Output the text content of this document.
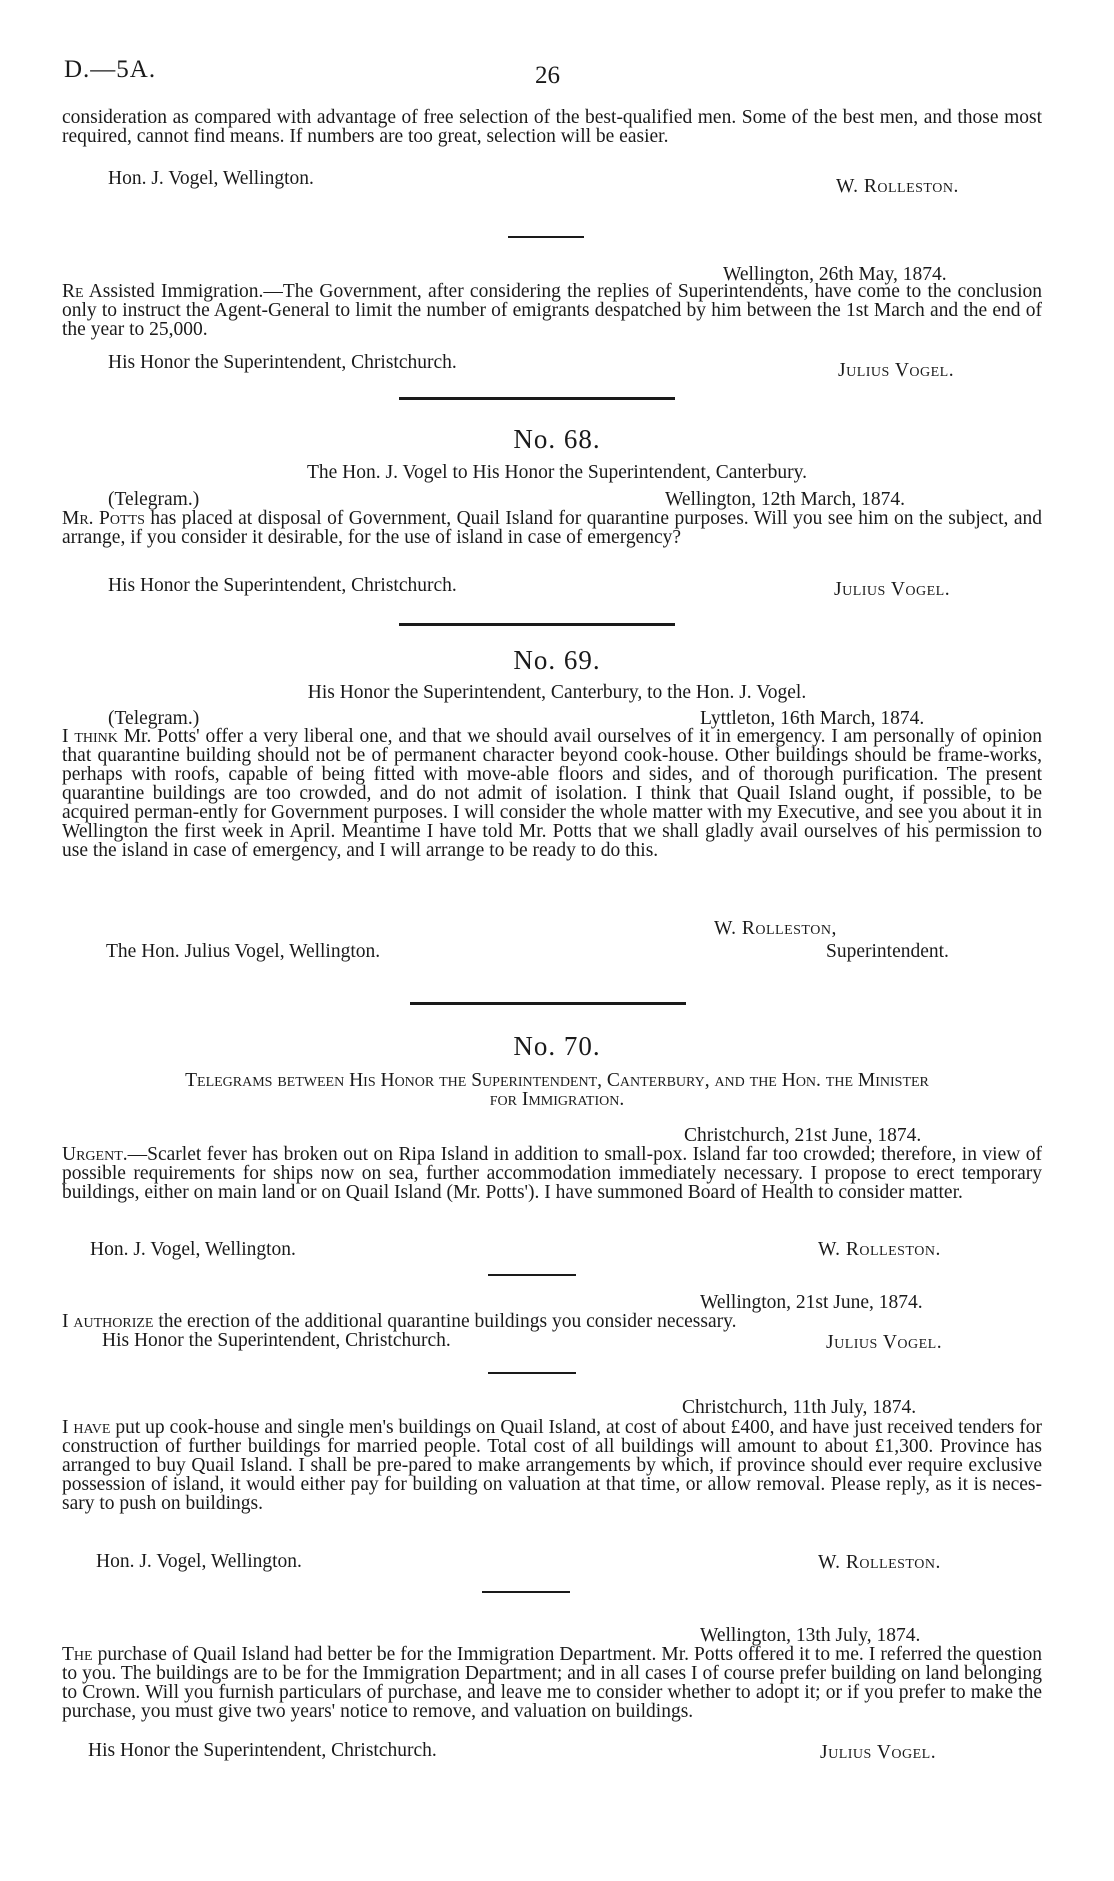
D.—5A.	26
consideration as compared with advantage of free selection of the best-qualified men. Some of the best men, and those most required, cannot find means. If numbers are too great, selection will be easier.
Hon. J. Vogel, Wellington.	W. Rolleston.
Wellington, 26th May, 1874.
Re Assisted Immigration.—The Government, after considering the replies of Superintendents, have come to the conclusion only to instruct the Agent-General to limit the number of emigrants despatched by him between the 1st March and the end of the year to 25,000.
His Honor the Superintendent, Christchurch.	Julius Vogel.
No. 68.
The Hon. J. Vogel to His Honor the Superintendent, Canterbury.
(Telegram.)	Wellington, 12th March, 1874.
Mr. Potts has placed at disposal of Government, Quail Island for quarantine purposes. Will you see him on the subject, and arrange, if you consider it desirable, for the use of island in case of emergency?
His Honor the Superintendent, Christchurch.	Julius Vogel.
No. 69.
His Honor the Superintendent, Canterbury, to the Hon. J. Vogel.
(Telegram.)	Lyttleton, 16th March, 1874.
I think Mr. Potts' offer a very liberal one, and that we should avail ourselves of it in emergency. I am personally of opinion that quarantine building should not be of permanent character beyond cook-house. Other buildings should be frame-works, perhaps with roofs, capable of being fitted with move-able floors and sides, and of thorough purification. The present quarantine buildings are too crowded, and do not admit of isolation. I think that Quail Island ought, if possible, to be acquired perman-ently for Government purposes. I will consider the whole matter with my Executive, and see you about it in Wellington the first week in April. Meantime I have told Mr. Potts that we shall gladly avail ourselves of his permission to use the island in case of emergency, and I will arrange to be ready to do this.
W. Rolleston,
The Hon. Julius Vogel, Wellington.	Superintendent.
No. 70.
Telegrams between His Honor the Superintendent, Canterbury, and the Hon. the Minister
for Immigration.
Christchurch, 21st June, 1874.
Urgent.—Scarlet fever has broken out on Ripa Island in addition to small-pox. Island far too crowded; therefore, in view of possible requirements for ships now on sea, further accommodation immediately necessary. I propose to erect temporary buildings, either on main land or on Quail Island (Mr. Potts'). I have summoned Board of Health to consider matter.
Hon. J. Vogel, Wellington.	W. Rolleston.
Wellington, 21st June, 1874.
I authorize the erection of the additional quarantine buildings you consider necessary.
His Honor the Superintendent, Christchurch.	Julius Vogel.
Christchurch, 11th July, 1874.
I have put up cook-house and single men's buildings on Quail Island, at cost of about £400, and have just received tenders for construction of further buildings for married people. Total cost of all buildings will amount to about £1,300. Province has arranged to buy Quail Island. I shall be pre-pared to make arrangements by which, if province should ever require exclusive possession of island, it would either pay for building on valuation at that time, or allow removal. Please reply, as it is neces-sary to push on buildings.
Hon. J. Vogel, Wellington.	W. Rolleston.
Wellington, 13th July, 1874.
The purchase of Quail Island had better be for the Immigration Department. Mr. Potts offered it to me. I referred the question to you. The buildings are to be for the Immigration Department; and in all cases I of course prefer building on land belonging to Crown. Will you furnish particulars of purchase, and leave me to consider whether to adopt it; or if you prefer to make the purchase, you must give two years' notice to remove, and valuation on buildings.
His Honor the Superintendent, Christchurch.	Julius Vogel.
